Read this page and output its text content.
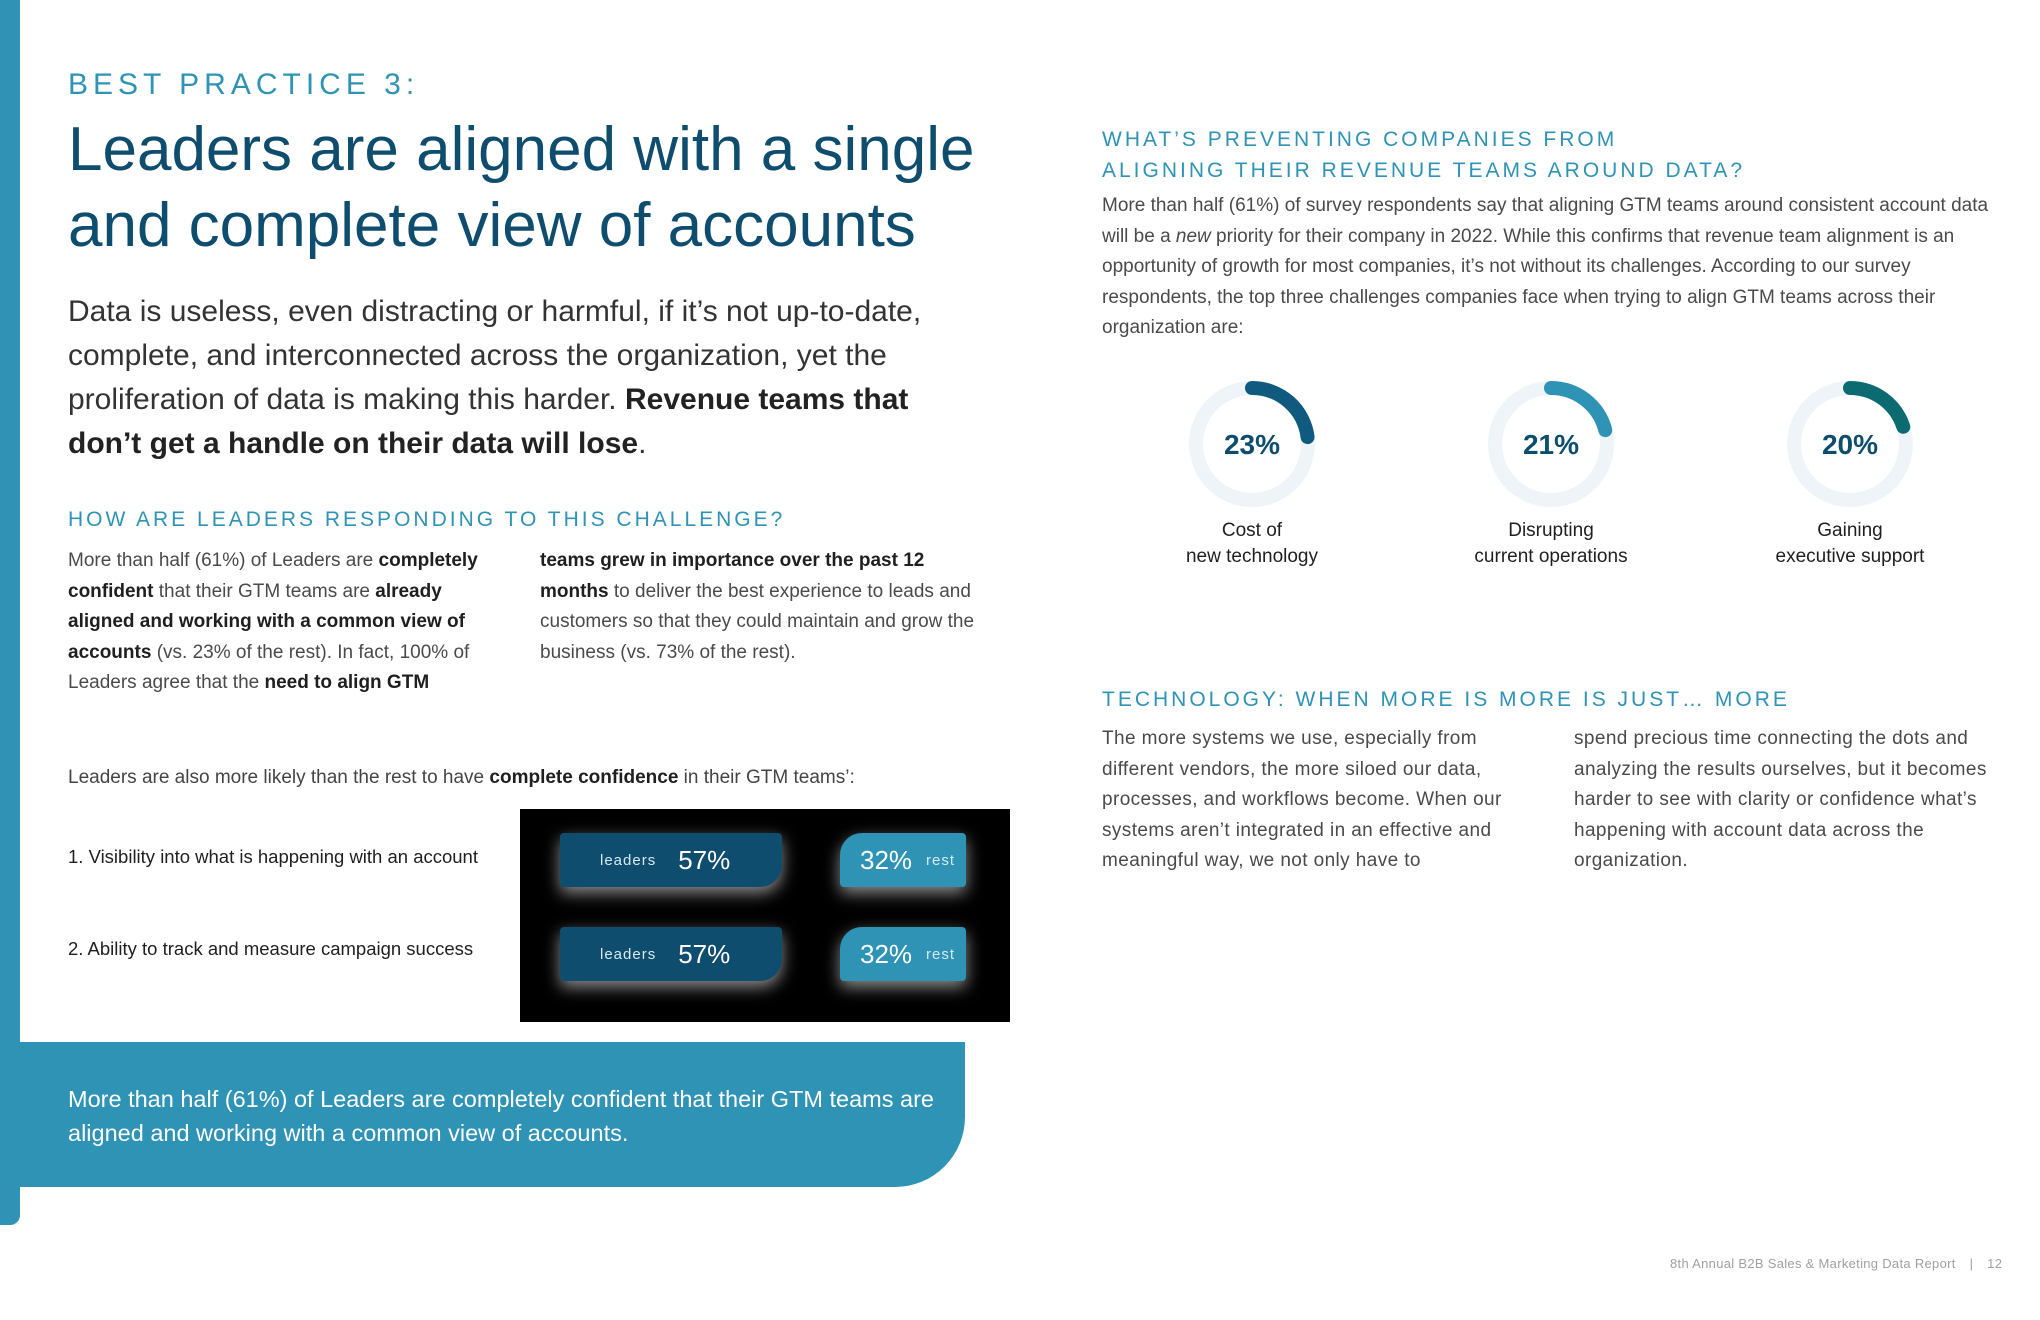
BEST PRACTICE 3:
Leaders are aligned with a single
and complete view of accounts
Data is useless, even distracting or harmful, if it’s not up-to-date, complete, and interconnected across the organization, yet the proliferation of data is making this harder. Revenue teams that don’t get a handle on their data will lose.
HOW ARE LEADERS RESPONDING TO THIS CHALLENGE?
More than half (61%) of Leaders are completely confident that their GTM teams are already aligned and working with a common view of accounts (vs. 23% of the rest). In fact, 100% of Leaders agree that the need to align GTM
teams grew in importance over the past 12 months to deliver the best experience to leads and customers so that they could maintain and grow the business (vs. 73% of the rest).
Leaders are also more likely than the rest to have complete confidence in their GTM teams’:
1. Visibility into what is happening with an account
2. Ability to track and measure campaign success
leaders 57%	32% rest
leaders 57%	32% rest
More than half (61%) of Leaders are completely confident that their GTM teams are aligned and working with a common view of accounts.
WHAT’S PREVENTING COMPANIES FROM
ALIGNING THEIR REVENUE TEAMS AROUND DATA?
More than half (61%) of survey respondents say that aligning GTM teams around consistent account data will be a new priority for their company in 2022. While this confirms that revenue team alignment is an opportunity of growth for most companies, it’s not without its challenges. According to our survey respondents, the top three challenges companies face when trying to align GTM teams across their organization are:
23%
Cost of
new technology
21%
Disrupting
current operations
20%
Gaining
executive support
TECHNOLOGY: WHEN MORE IS MORE IS JUST… MORE
The more systems we use, especially from different vendors, the more siloed our data, processes, and workflows become. When our systems aren’t integrated in an effective and meaningful way, we not only have to
spend precious time connecting the dots and analyzing the results ourselves, but it becomes harder to see with clarity or confidence what’s happening with account data across the organization.
8th Annual B2B Sales & Marketing Data Report | 12
